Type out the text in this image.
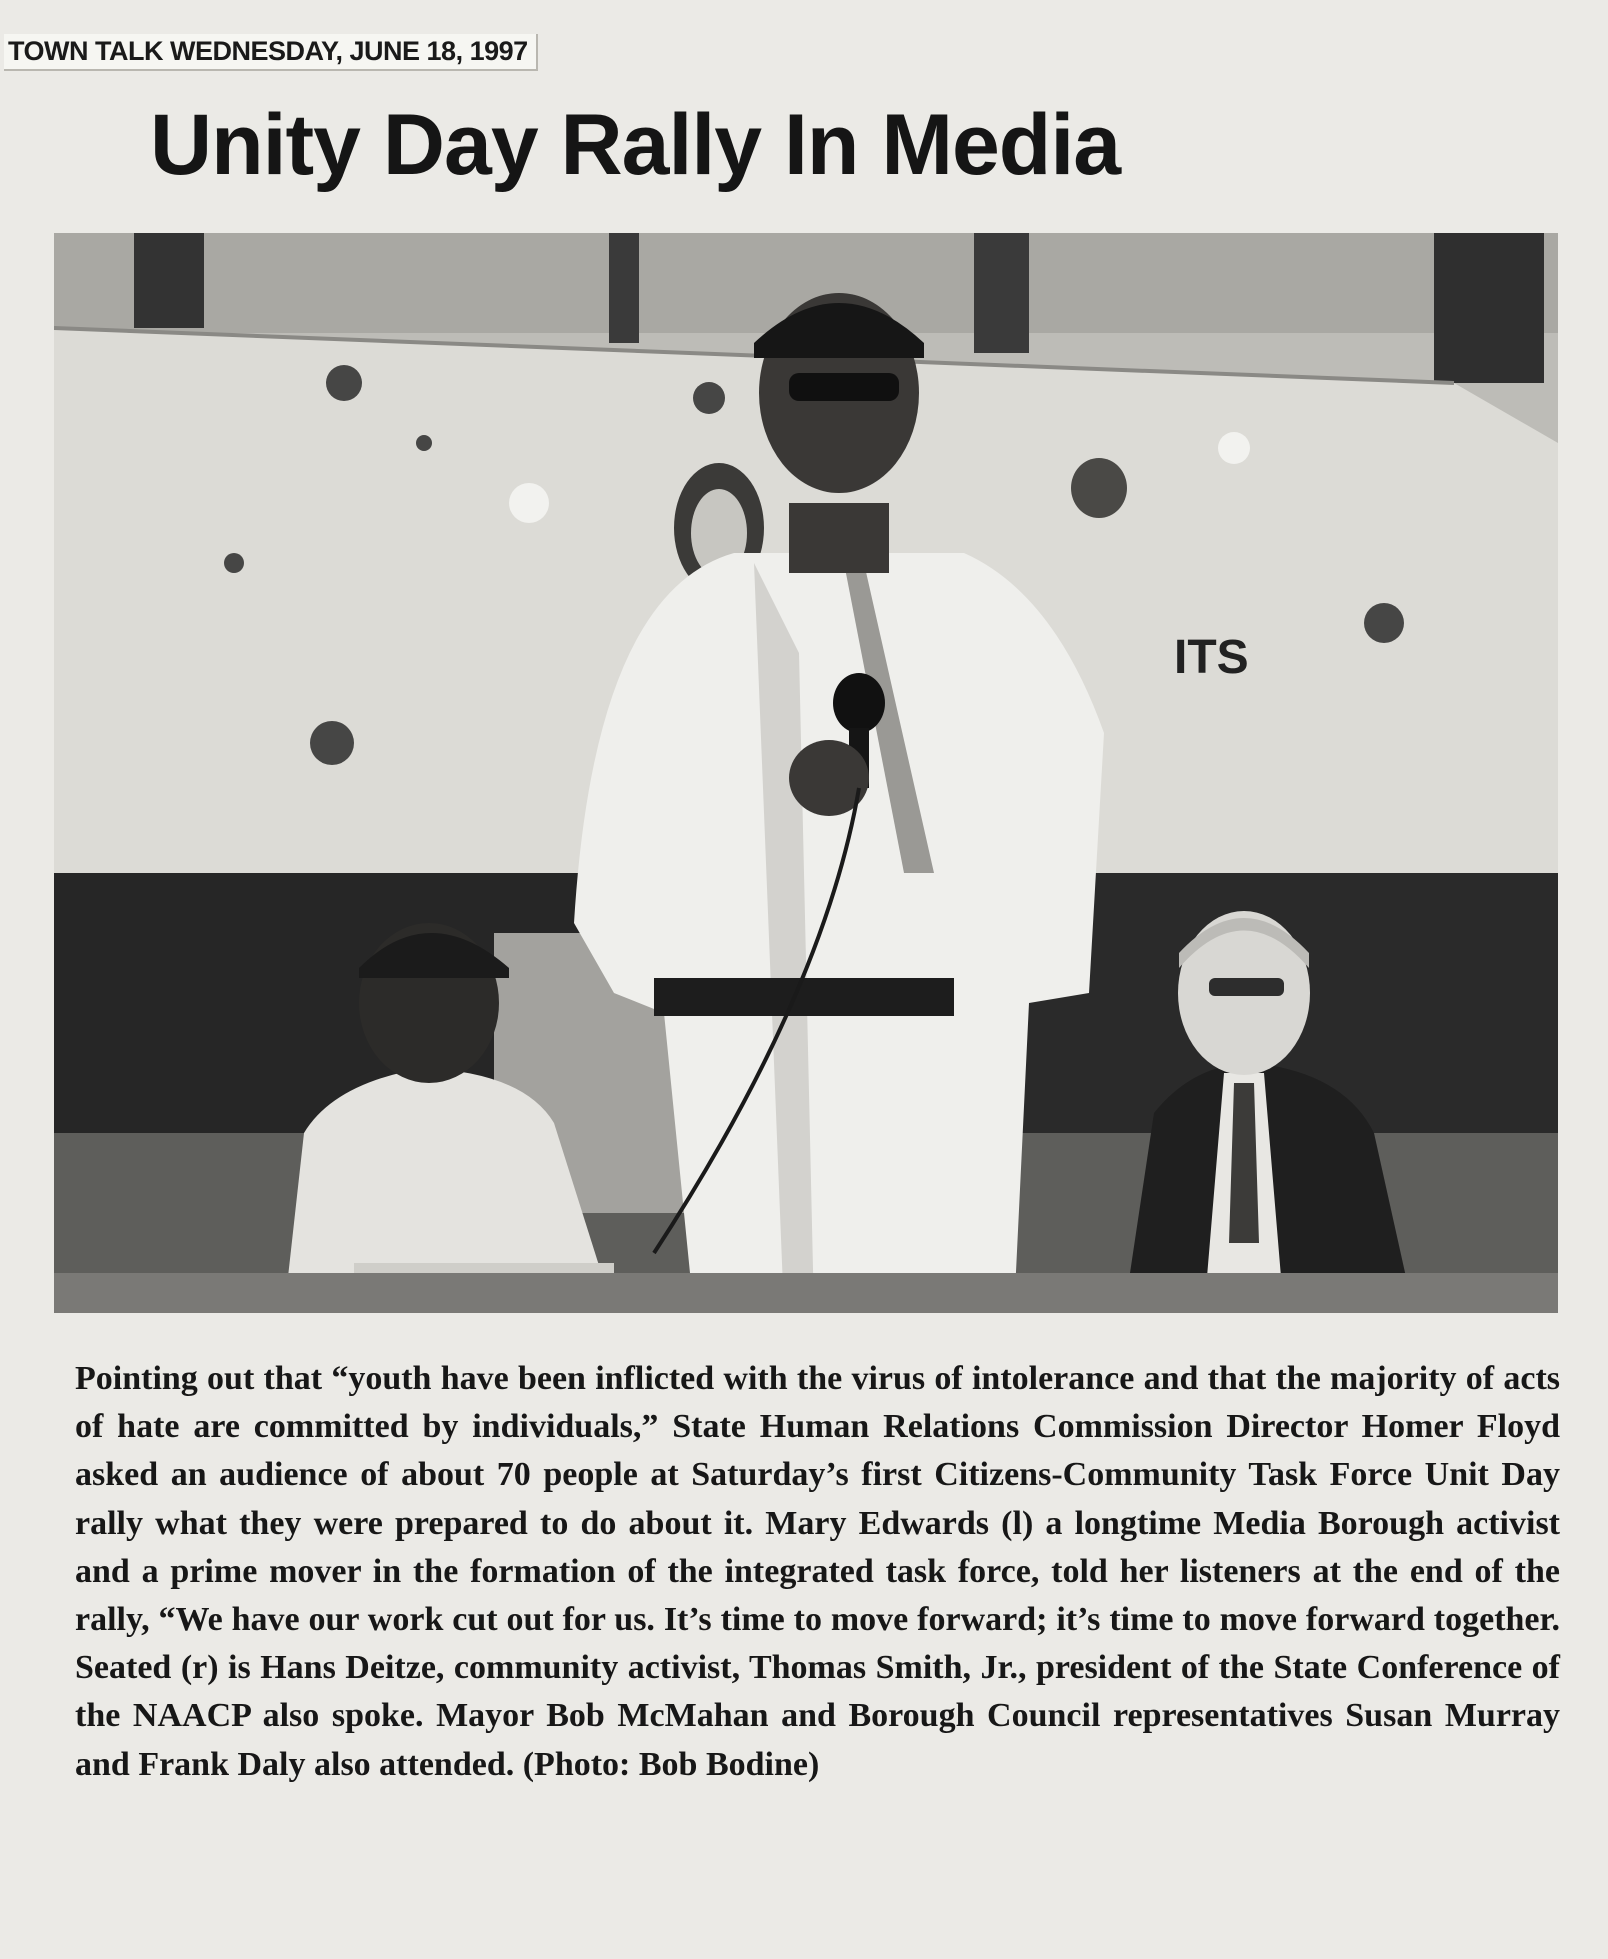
TOWN TALK WEDNESDAY, JUNE 18, 1997
Unity Day Rally In Media
ITS

Pointing out that “youth have been inflicted with the virus of intolerance and that the majority of acts of hate are committed by individuals,” State Human Relations Commission Director Homer Floyd asked an audience of about 70 people at Saturday’s first Citizens-Community Task Force Unit Day rally what they were prepared to do about it. Mary Edwards (l) a longtime Media Borough activist and a prime mover in the formation of the integrated task force, told her listeners at the end of the rally, “We have our work cut out for us. It’s time to move forward; it’s time to move forward together. Seated (r) is Hans Deitze, community activist, Thomas Smith, Jr., president of the State Conference of the NAACP also spoke. Mayor Bob McMahan and Borough Council representatives Susan Murray and Frank Daly also attended. (Photo: Bob Bodine)
